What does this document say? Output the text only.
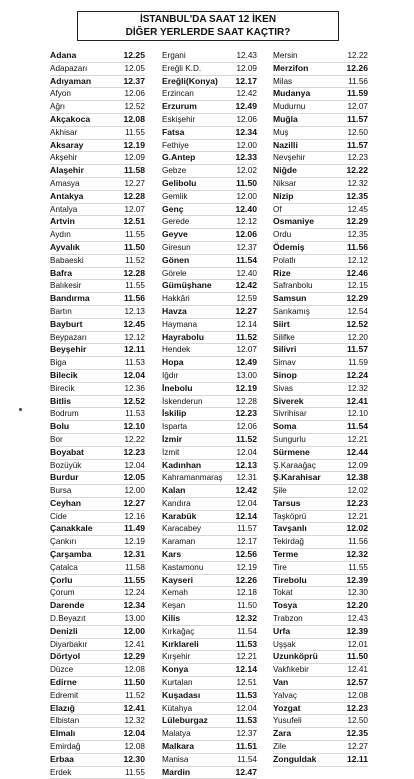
İSTANBUL'DA SAAT 12 İKEN
DİĞER YERLERDE SAAT KAÇTIR?
Adana	12.25
Adapazarı	12.05
Adıyaman	12.37
Afyon	12.06
Ağrı	12.52
Akçakoca	12.08
Akhisar	11.55
Aksaray	12.19
Akşehir	12.09
Alaşehir	11.58
Amasya	12.27
Antakya	12.28
Antalya	12.07
Artvin	12.51
Aydın	11.55
Ayvalık	11.50
Babaeski	11.52
Bafra	12.28
Balıkesir	11.55
Bandırma	11.56
Bartın	12.13
Bayburt	12.45
Beypazarı	12.12
Beyşehir	12.11
Biga	11.53
Bilecik	12.04
Birecik	12.36
Bitlis	12.52
Bodrum	11.53
Bolu	12.10
Bor	12.22
Boyabat	12.23
Bozüyük	12.04
Burdur	12.05
Bursa	12.00
Ceyhan	12.27
Cide	12.16
Çanakkale	11.49
Çankırı	12.19
Çarşamba	12.31
Çatalca	11.58
Çorlu	11.55
Çorum	12.24
Darende	12.34
D.Beyazıt	13.00
Denizli	12.00
Diyarbakır	12.41
Dörtyol	12.29
Düzce	12.08
Edirne	11.50
Edremit	11.52
Elazığ	12.41
Elbistan	12.32
Elmalı	12.04
Emirdağ	12.08
Erbaa	12.30
Erdek	11.55
Ergani	12.43
Ereğli K.D.	12.09
Ereğli(Konya) 12.17
Erzincan	12.42
Erzurum	12.49
Eskişehir	12.06
Fatsa	12.34
Fethiye	12.00
G.Antep	12.33
Gebze	12.02
Gelibolu	11.50
Gemlik	12.00
Genç	12.40
Gerede	12.12
Geyve	12.06
Giresun	12.37
Gönen	11.54
Görele	12.40
Gümüşhane	12.42
Hakkâri	12.59
Havza	12.27
Haymana	12.14
Hayrabolu	11.52
Hendek	12.07
Hopa	12.49
Iğdır	13.00
İnebolu	12.19
İskenderun	12.28
İskilip	12.23
Isparta	12.06
İzmir	11.52
İzmit	12.04
Kadınhan	12.13
Kahramanmaraş 12.31
Kalan	12.42
Kandıra	12.04
Karabük	12.14
Karacabey	11.57
Karaman	12.17
Kars	12.56
Kastamonu	12.19
Kayseri	12.26
Kemah	12.18
Keşan	11.50
Kilis	12.32
Kırkağaç	11.54
Kırklareli	11.53
Kırşehir	12.21
Konya	12.14
Kurtalan	12.51
Kuşadası	11.53
Kütahya	12.04
Lüleburgaz	11.53
Malatya	12.37
Malkara	11.51
Manisa	11.54
Mardin	12.47
Mersin	12.22
Merzifon	12.26
Milas	11.56
Mudanya	11.59
Mudurnu	12.07
Muğla	11.57
Muş	12.50
Nazilli	11.57
Nevşehir	12.23
Niğde	12.22
Niksar	12.32
Nizip	12.35
Of	12.45
Osmaniye	12.29
Ordu	12.35
Ödemiş	11.56
Polatlı	12.12
Rize	12.46
Safranbolu	12.15
Samsun	12.29
Sarıkamış	12.54
Siirt	12.52
Silifke	12.20
Silivri	11.57
Simav	11.59
Sinop	12.24
Sivas	12.32
Siverek	12.41
Sivrihisar	12.10
Soma	11.54
Sungurlu	12.21
Sürmene	12.44
Ş.Karaağaç	12.09
Ş.Karahisar	12.38
Şile	12.02
Tarsus	12.23
Taşköprü	12.21
Tavşanlı	12.02
Tekirdağ	11.56
Terme	12.32
Tire	11.55
Tirebolu	12.39
Tokat	12.30
Tosya	12.20
Trabzon	12.43
Urfa	12.39
Uşşak	12.01
Uzunköprü	11.50
Vakfıkebir	12.41
Van	12.57
Yalvaç	12.08
Yozgat	12.23
Yusufeli	12.50
Zara	12.35
Zile	12.27
Zonguldak	12.11
